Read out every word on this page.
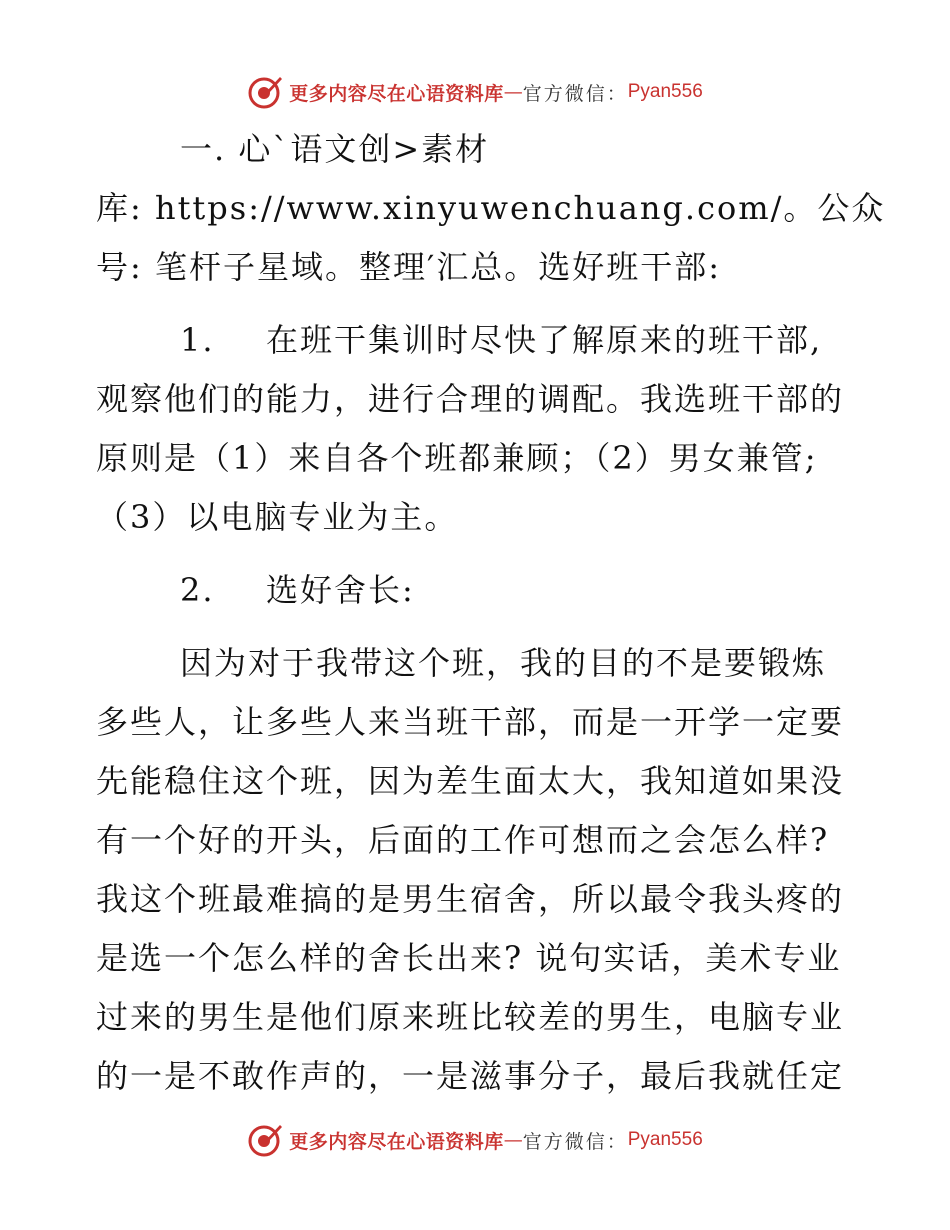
更多内容尽在心语资料库 — 官方微信： Pyan556
一. 心`语文创>素材
库: https://www.xinyuwenchuang.com/。公众
号: 笔杆子星域。整理′汇总。选好班干部:
1. 在班干集训时尽快了解原来的班干部,
观察他们的能力，进行合理的调配。我选班干部的
原则是（1）来自各个班都兼顾；（2）男女兼管;
（3）以电脑专业为主。
2. 选好舍长:
因为对于我带这个班，我的目的不是要锻炼
多些人，让多些人来当班干部，而是一开学一定要
先能稳住这个班，因为差生面太大，我知道如果没
有一个好的开头，后面的工作可想而之会怎么样?
我这个班最难搞的是男生宿舍，所以最令我头疼的
是选一个怎么样的舍长出来? 说句实话，美术专业
过来的男生是他们原来班比较差的男生，电脑专业
的一是不敢作声的，一是滋事分子，最后我就任定
更多内容尽在心语资料库 — 官方微信： Pyan556
